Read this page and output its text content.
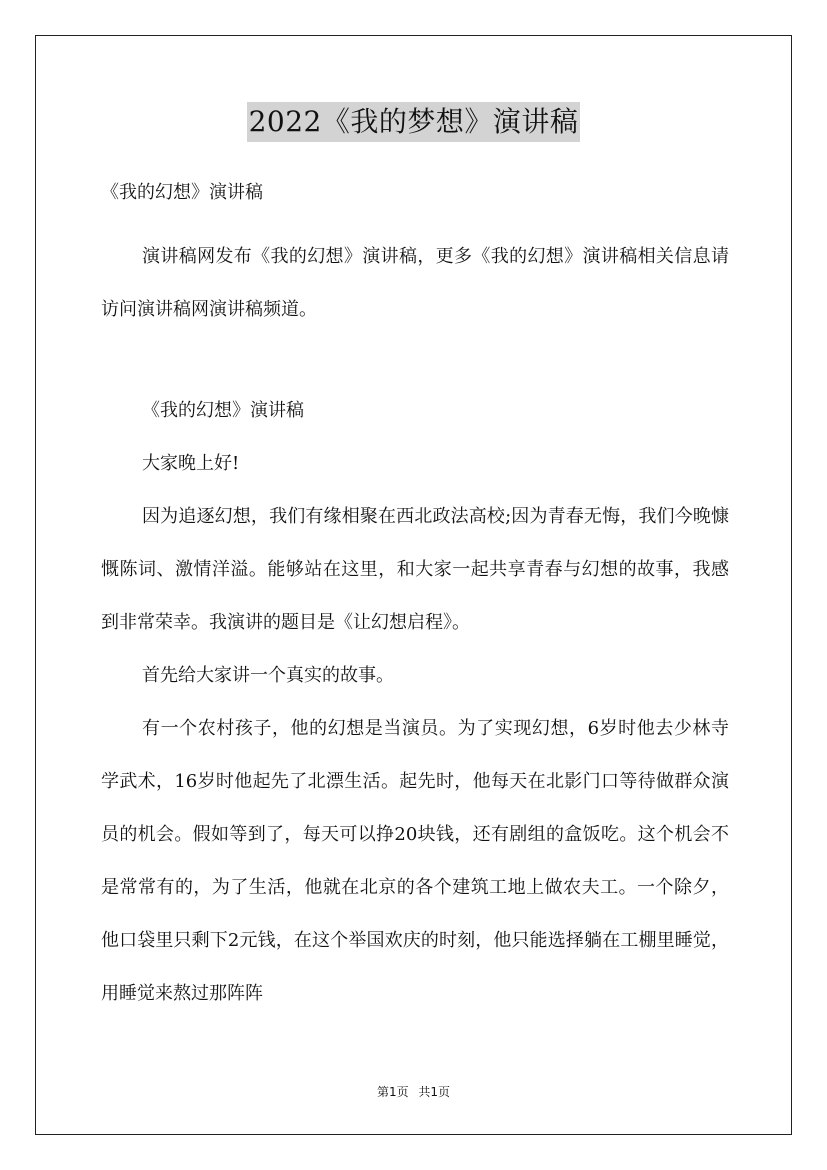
2022《我的梦想》演讲稿

《我的幻想》演讲稿

演讲稿网发布《我的幻想》演讲稿，更多《我的幻想》演讲稿相关信息请访问演讲稿网演讲稿频道。

《我的幻想》演讲稿

大家晚上好!

因为追逐幻想，我们有缘相聚在西北政法高校;因为青春无悔，我们今晚慷慨陈词、激情洋溢。能够站在这里，和大家一起共享青春与幻想的故事，我感到非常荣幸。我演讲的题目是《让幻想启程》。

首先给大家讲一个真实的故事。

有一个农村孩子，他的幻想是当演员。为了实现幻想，6岁时他去少林寺学武术，16岁时他起先了北漂生活。起先时，他每天在北影门口等待做群众演员的机会。假如等到了，每天可以挣20块钱，还有剧组的盒饭吃。这个机会不是常常有的，为了生活，他就在北京的各个建筑工地上做农夫工。一个除夕，他口袋里只剩下2元钱，在这个举国欢庆的时刻，他只能选择躺在工棚里睡觉，用睡觉来熬过那阵阵

第1页 共1页
